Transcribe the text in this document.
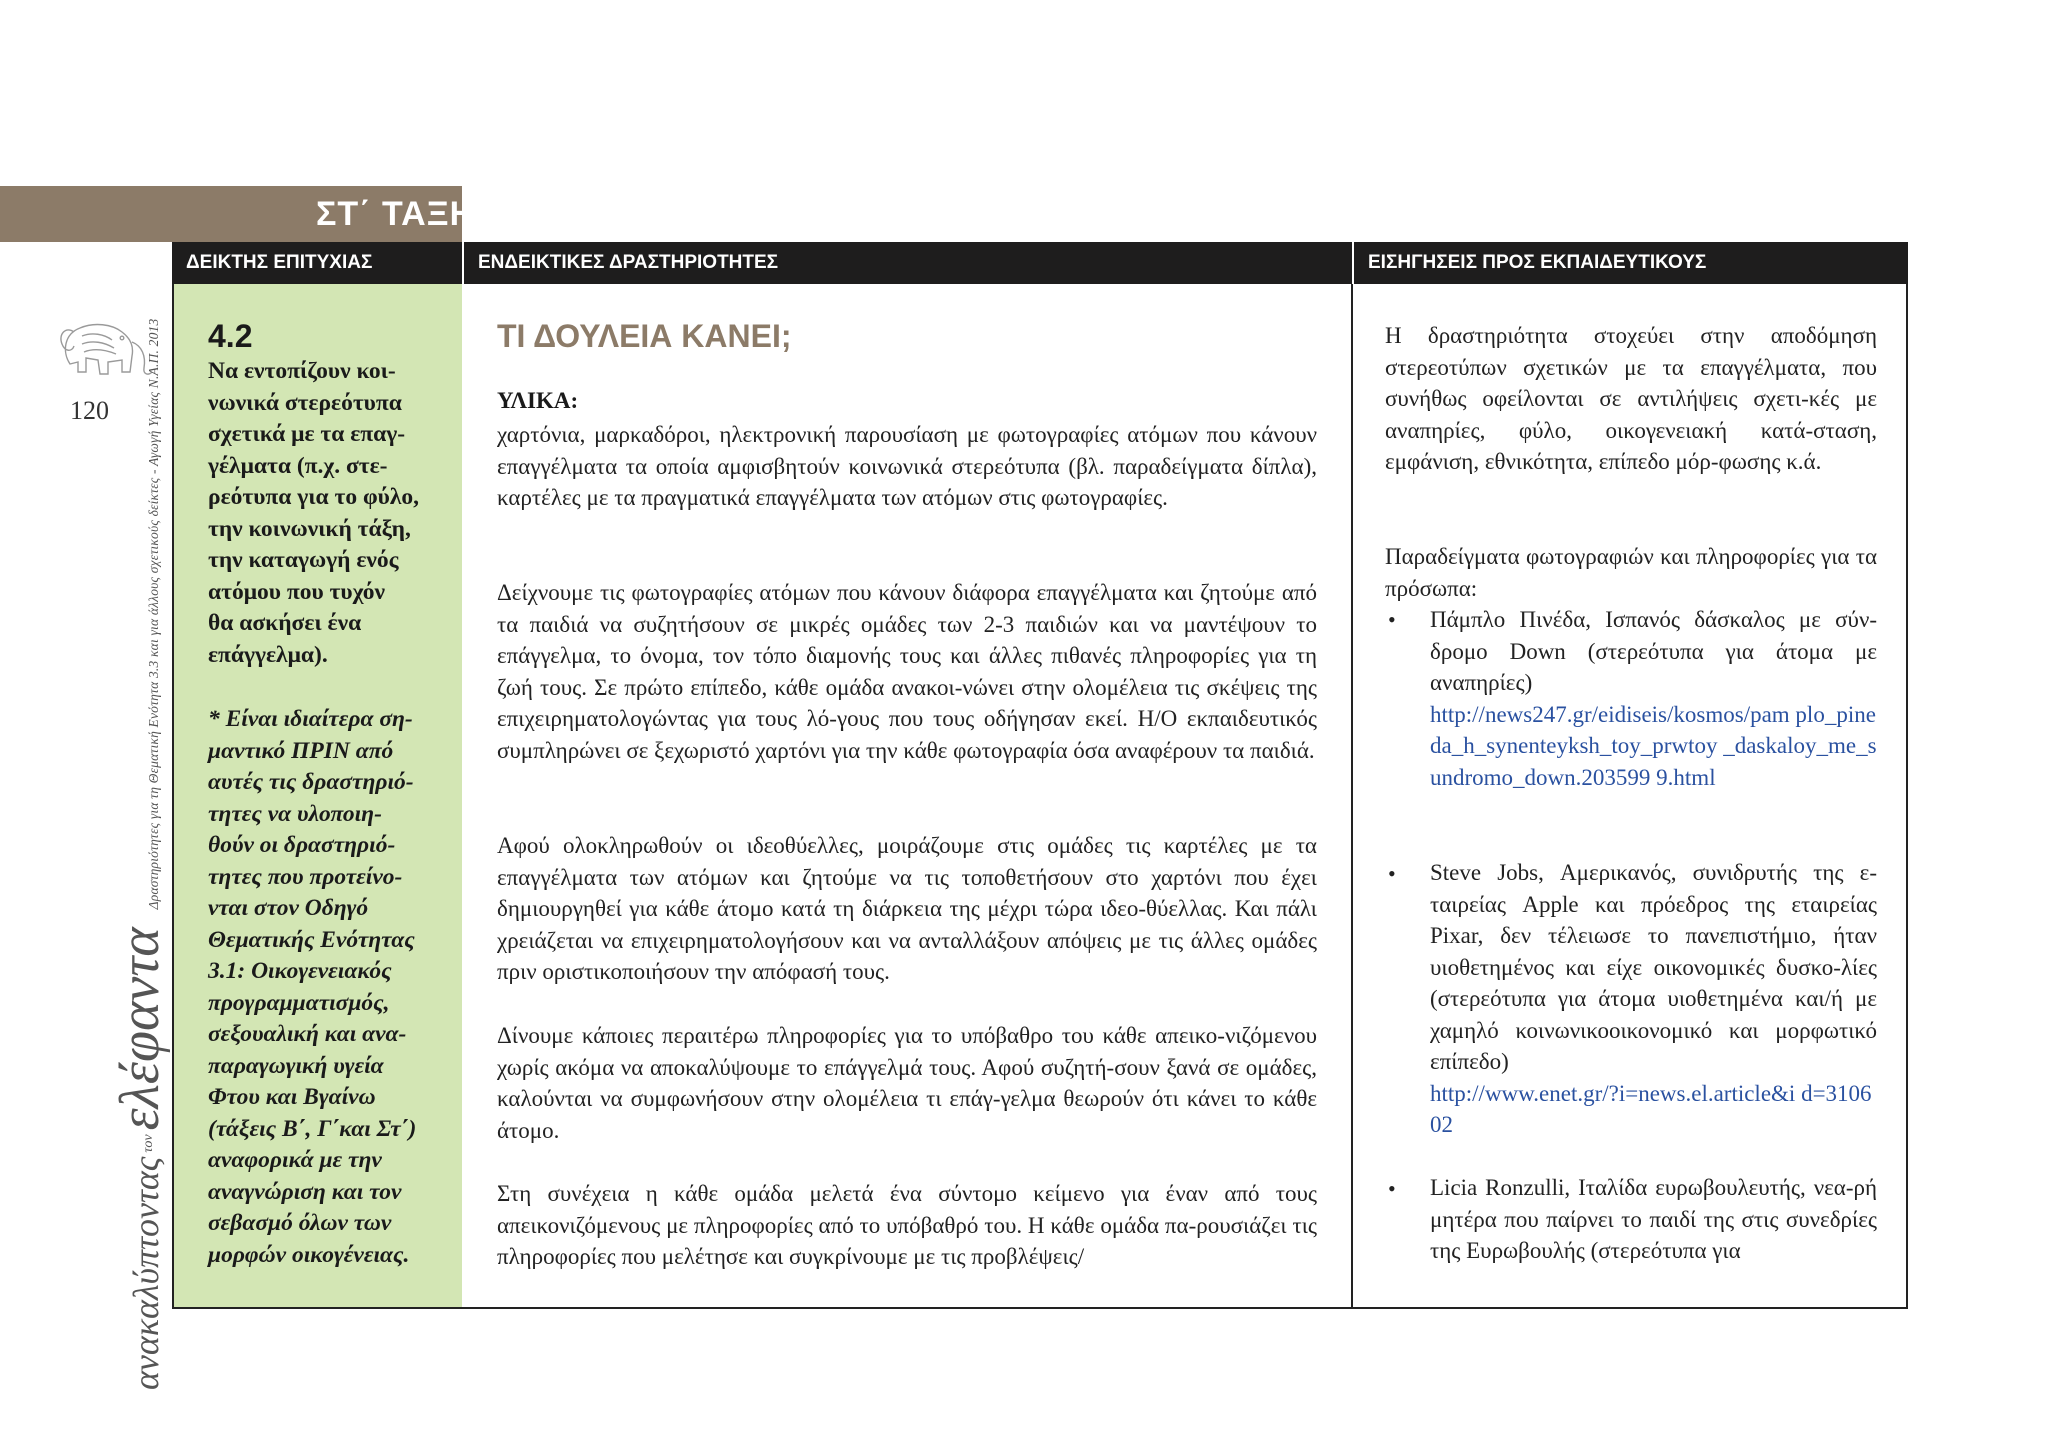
ΣΤ΄ ΤΑΞΗ
ΔΕΙΚΤΗΣ ΕΠΙΤΥΧΙΑΣ	ΕΝΔΕΙΚΤΙΚΕΣ ΔΡΑΣΤΗΡΙΟΤΗΤΕΣ	ΕΙΣΗΓΗΣΕΙΣ ΠΡΟΣ ΕΚΠΑΙΔΕΥΤΙΚΟΥΣ
4.2
Να εντοπίζουν κοι-
νωνικά στερεότυπα
σχετικά με τα επαγ-
γέλματα (π.χ. στε-
ρεότυπα για το φύλο,
την κοινωνική τάξη,
την καταγωγή ενός
ατόμου που τυχόν
θα ασκήσει ένα
επάγγελμα).
* Είναι ιδιαίτερα ση-
μαντικό ΠΡΙΝ από
αυτές τις δραστηριό-
τητες να υλοποιη-
θούν οι δραστηριό-
τητες που προτείνο-
νται στον Οδηγό
Θεματικής Ενότητας
3.1: Οικογενειακός
προγραμματισμός,
σεξουαλική και ανα-
παραγωγική υγεία
Φτου και Βγαίνω
(τάξεις Β΄, Γ΄και Στ΄)
αναφορικά με την
αναγνώριση και τον
σεβασμό όλων των
μορφών οικογένειας.
ΤΙ ΔΟΥΛΕΙΑ ΚΑΝΕΙ;
ΥΛΙΚΑ:
χαρτόνια, μαρκαδόροι, ηλεκτρονική παρουσίαση με φωτογραφίες ατόμων που κάνουν επαγγέλματα τα οποία αμφισβητούν κοινωνικά στερεότυπα (βλ. παραδείγματα δίπλα), καρτέλες με τα πραγματικά επαγγέλματα των ατόμων στις φωτογραφίες.
Δείχνουμε τις φωτογραφίες ατόμων που κάνουν διάφορα επαγγέλματα και ζητούμε από τα παιδιά να συζητήσουν σε μικρές ομάδες των 2-3 παιδιών και να μαντέψουν το επάγγελμα, το όνομα, τον τόπο διαμονής τους και άλλες πιθανές πληροφορίες για τη ζωή τους. Σε πρώτο επίπεδο, κάθε ομάδα ανακοι-νώνει στην ολομέλεια τις σκέψεις της επιχειρηματολογώντας για τους λό-γους που τους οδήγησαν εκεί. Η/Ο εκπαιδευτικός συμπληρώνει σε ξεχωριστό χαρτόνι για την κάθε φωτογραφία όσα αναφέρουν τα παιδιά.
Αφού ολοκληρωθούν οι ιδεοθύελλες, μοιράζουμε στις ομάδες τις καρτέλες με τα επαγγέλματα των ατόμων και ζητούμε να τις τοποθετήσουν στο χαρτόνι που έχει δημιουργηθεί για κάθε άτομο κατά τη διάρκεια της μέχρι τώρα ιδεο-θύελλας. Και πάλι χρειάζεται να επιχειρηματολογήσουν και να ανταλλάξουν απόψεις με τις άλλες ομάδες πριν οριστικοποιήσουν την απόφασή τους.
Δίνουμε κάποιες περαιτέρω πληροφορίες για το υπόβαθρο του κάθε απεικο-νιζόμενου χωρίς ακόμα να αποκαλύψουμε το επάγγελμά τους. Αφού συζητή-σουν ξανά σε ομάδες, καλούνται να συμφωνήσουν στην ολομέλεια τι επάγ-γελμα θεωρούν ότι κάνει το κάθε άτομο.
Στη συνέχεια η κάθε ομάδα μελετά ένα σύντομο κείμενο για έναν από τους απεικονιζόμενους με πληροφορίες από το υπόβαθρό του. Η κάθε ομάδα πα-ρουσιάζει τις πληροφορίες που μελέτησε και συγκρίνουμε με τις προβλέψεις/
Η δραστηριότητα στοχεύει στην αποδόμηση στερεοτύπων σχετικών με τα επαγγέλματα, που συνήθως οφείλονται σε αντιλήψεις σχετι-κές με αναπηρίες, φύλο, οικογενειακή κατά-σταση, εμφάνιση, εθνικότητα, επίπεδο μόρ-φωσης κ.ά.
Παραδείγματα φωτογραφιών και πληροφορίες για τα πρόσωπα:
• Πάμπλο Πινέδα, Ισπανός δάσκαλος με σύν-δρομο Down (στερεότυπα για άτομα με αναπηρίες)
http://news247.gr/eidiseis/kosmos/pam plo_pineda_h_synenteyksh_toy_prwtoy _daskaloy_me_sundromo_down.203599 9.html
• Steve Jobs, Αμερικανός, συνιδρυτής της ε-ταιρείας Apple και πρόεδρος της εταιρείας Pixar, δεν τέλειωσε το πανεπιστήμιο, ήταν υιοθετημένος και είχε οικονομικές δυσκο-λίες (στερεότυπα για άτομα υιοθετημένα και/ή με χαμηλό κοινωνικοοικονομικό και μορφωτικό επίπεδο)
http://www.enet.gr/?i=news.el.article&i d=310602
• Licia Ronzulli, Ιταλίδα ευρωβουλευτής, νεα-ρή μητέρα που παίρνει το παιδί της στις συνεδρίες της Ευρωβουλής (στερεότυπα για
120
ανακαλύπτονταςτονελέφανταΔραστηριότητες για τη Θεματική Ενότητα 3.3 και για άλλους σχετικούς δείκτες - Αγωγή Υγείας Ν.Α.Π. 2013
